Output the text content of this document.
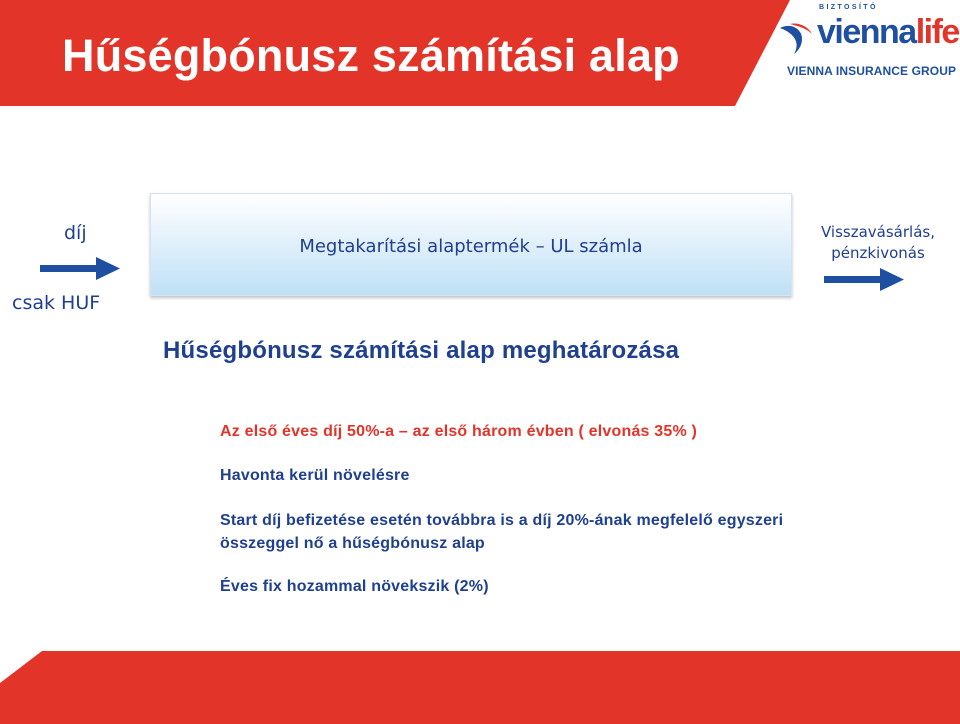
Hűségbónusz számítási alap
BIZTOSÍTÓ
viennalife
VIENNA INSURANCE GROUP
díj
csak HUF
Megtakarítási alaptermék – UL számla
Visszavásárlás,
pénzkivonás
Hűségbónusz számítási alap meghatározása
Az első éves díj 50%-a – az első három évben ( elvonás 35% )
Havonta kerül növelésre
Start díj befizetése esetén továbbra is a díj 20%-ának megfelelő egyszeri
összeggel nő a hűségbónusz alap
Éves fix hozammal növekszik (2%)
